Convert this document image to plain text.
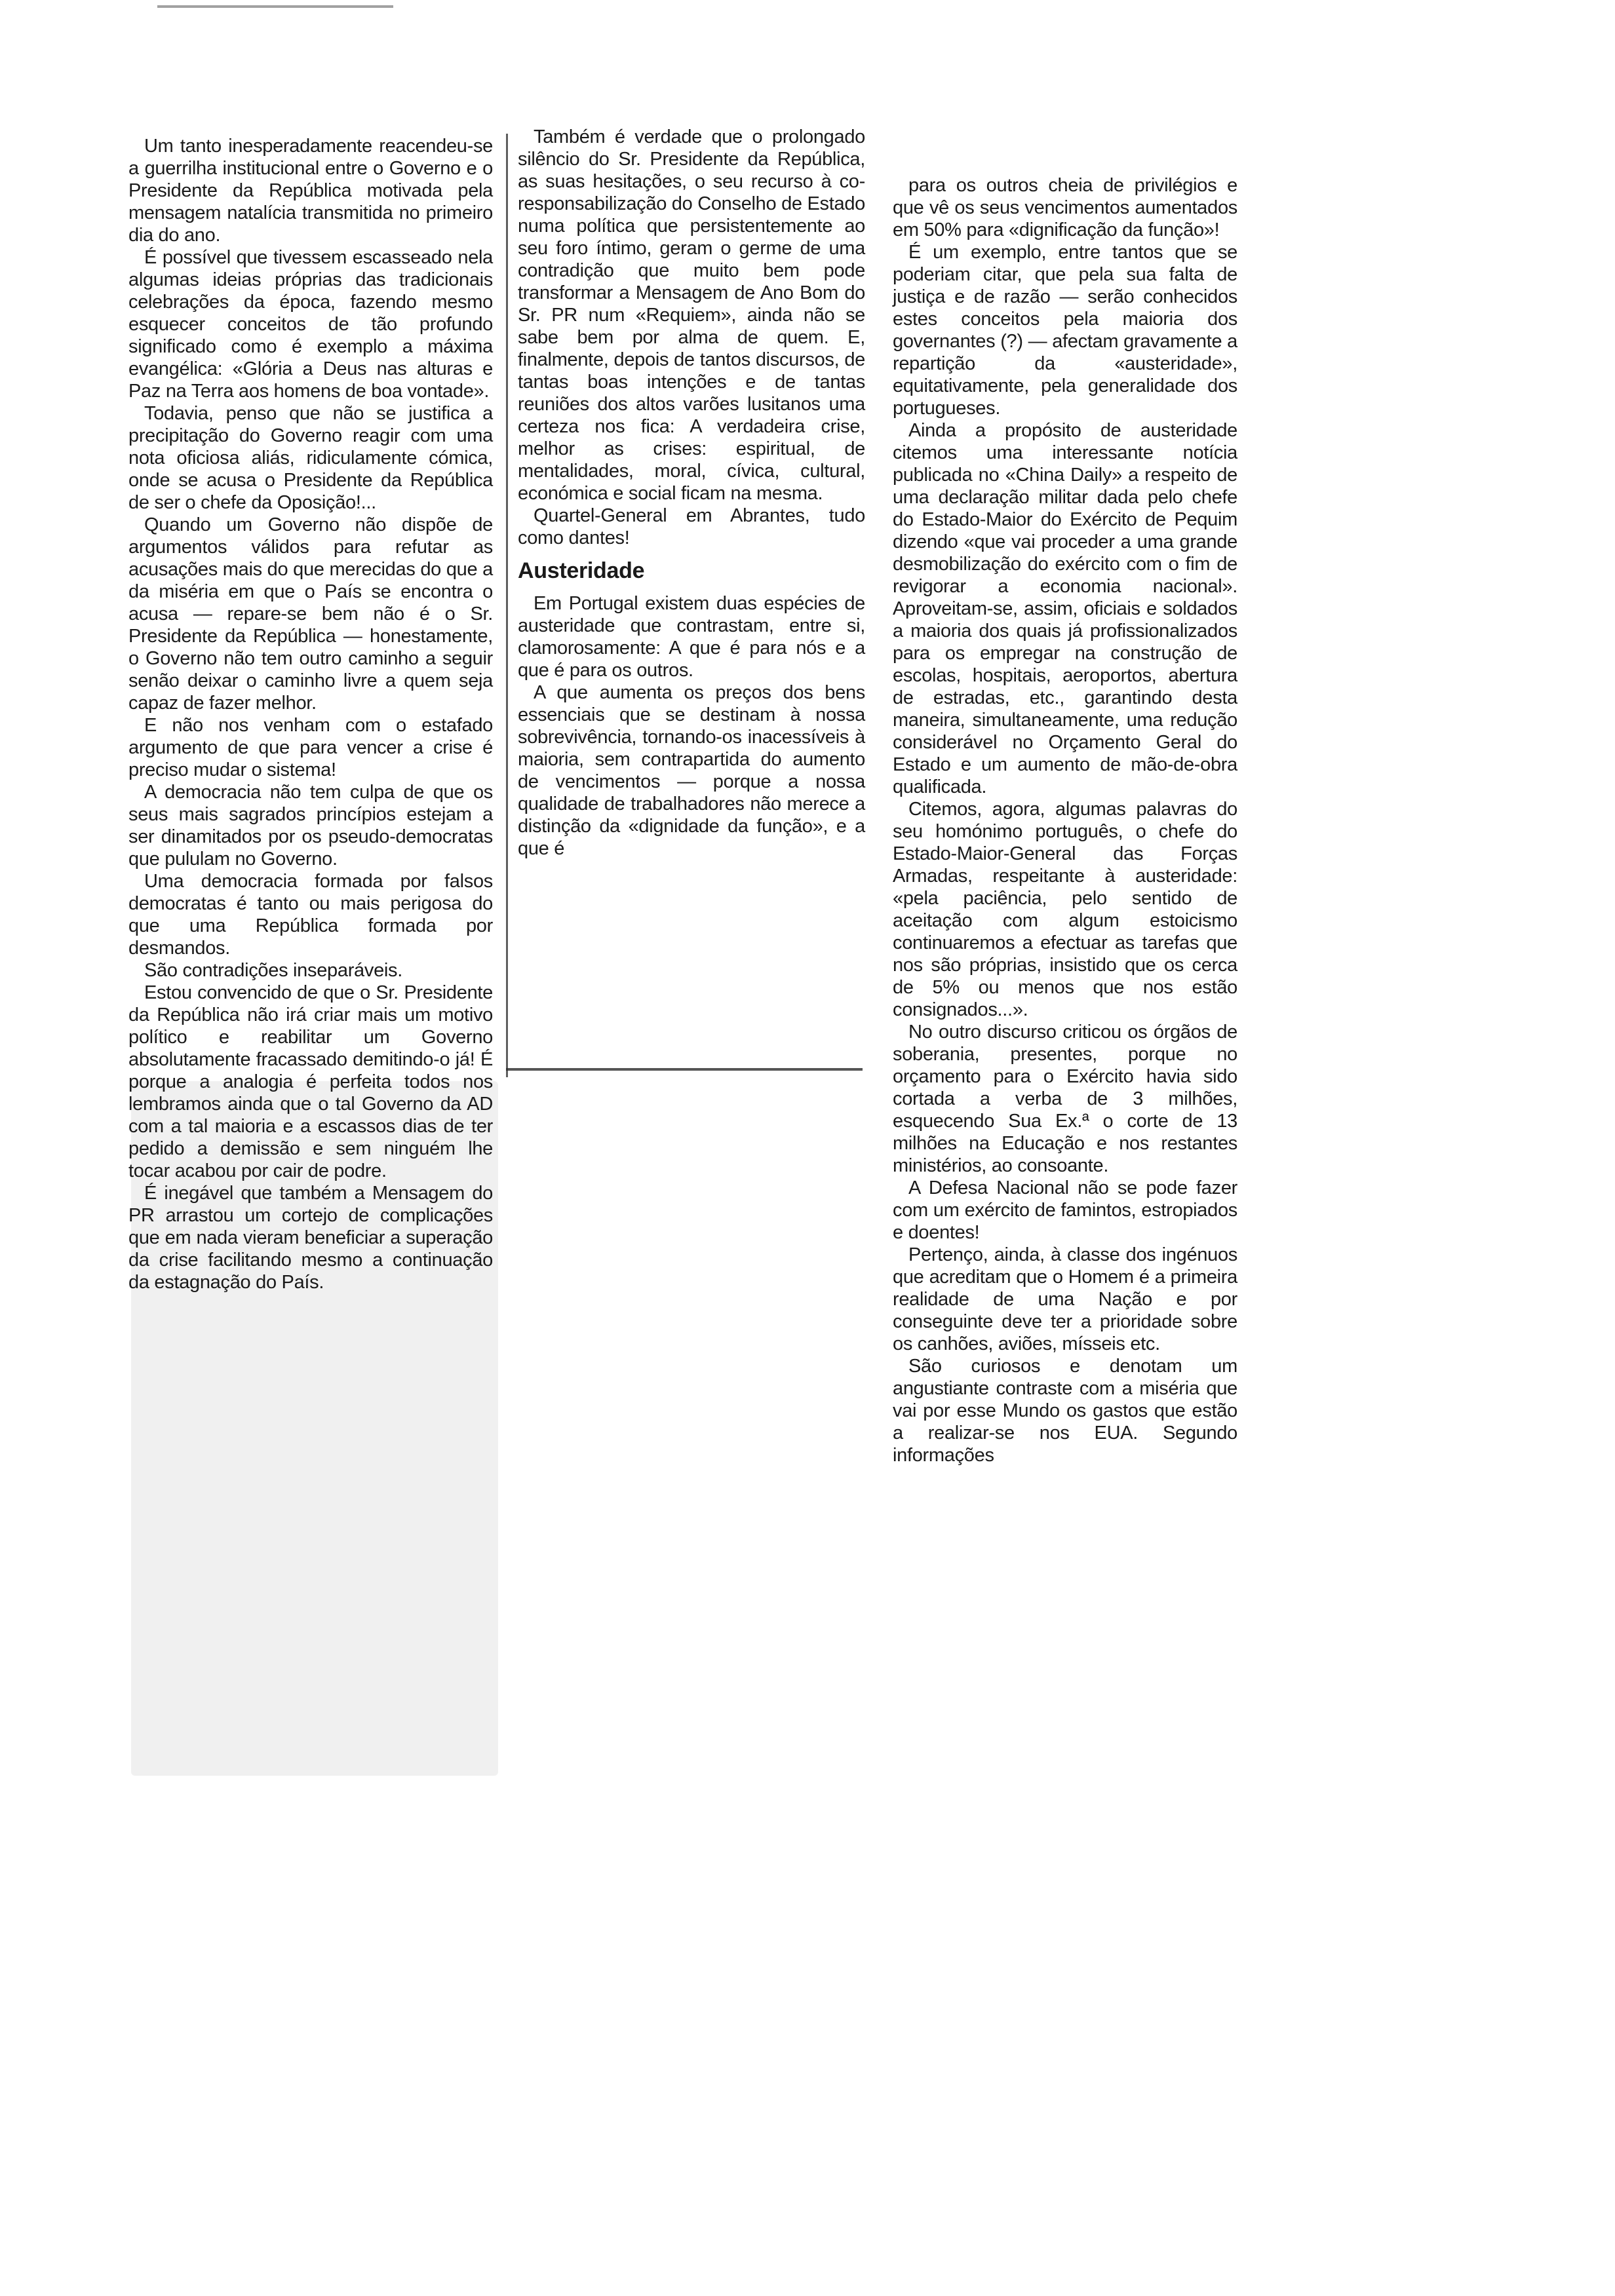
Um tanto inesperadamente reacendeu-se a guerrilha institucional entre o Governo e o Presidente da República motivada pela mensagem natalícia transmitida no primeiro dia do ano.

É possível que tivessem escasseado nela algumas ideias próprias das tradicionais celebrações da época, fazendo mesmo esquecer conceitos de tão profundo significado como é exemplo a máxima evangélica: «Glória a Deus nas alturas e Paz na Terra aos homens de boa vontade».

Todavia, penso que não se justifica a precipitação do Governo reagir com uma nota oficiosa aliás, ridiculamente cómica, onde se acusa o Presidente da República de ser o chefe da Oposição!...

Quando um Governo não dispõe de argumentos válidos para refutar as acusações mais do que merecidas do que a da miséria em que o País se encontra o acusa — repare-se bem não é o Sr. Presidente da República — honestamente, o Governo não tem outro caminho a seguir senão deixar o caminho livre a quem seja capaz de fazer melhor.

E não nos venham com o estafado argumento de que para vencer a crise é preciso mudar o sistema!

A democracia não tem culpa de que os seus mais sagrados princípios estejam a ser dinamitados por os pseudo-democratas que pululam no Governo.

Uma democracia formada por falsos democratas é tanto ou mais perigosa do que uma República formada por desmandos.

São contradições inseparáveis.

Estou convencido de que o Sr. Presidente da República não irá criar mais um motivo político e reabilitar um Governo absolutamente fracassado demitindo-o já! É porque a analogia é perfeita todos nos lembramos ainda que o tal Governo da AD com a tal maioria e a escassos dias de ter pedido a demissão e sem ninguém lhe tocar acabou por cair de podre.

É inegável que também a Mensagem do PR arrastou um cortejo de complicações que em nada vieram beneficiar a superação da crise facilitando mesmo a continuação da estagnação do País.

Também é verdade que o prolongado silêncio do Sr. Presidente da República, as suas hesitações, o seu recurso à co-responsabilização do Conselho de Estado numa política que persistentemente ao seu foro íntimo, geram o germe de uma contradição que muito bem pode transformar a Mensagem de Ano Bom do Sr. PR num «Requiem», ainda não se sabe bem por alma de quem. E, finalmente, depois de tantos discursos, de tantas boas intenções e de tantas reuniões dos altos varões lusitanos uma certeza nos fica: A verdadeira crise, melhor as crises: espiritual, de mentalidades, moral, cívica, cultural, económica e social ficam na mesma.

Quartel-General em Abrantes, tudo como dantes!

Austeridade

Em Portugal existem duas espécies de austeridade que contrastam, entre si, clamorosamente: A que é para nós e a que é para os outros.

A que aumenta os preços dos bens essenciais que se destinam à nossa sobrevivência, tornando-os inacessíveis à maioria, sem contrapartida do aumento de vencimentos — porque a nossa qualidade de trabalhadores não merece a distinção da «dignidade da função», e a que é

para os outros cheia de privilégios e que vê os seus vencimentos aumentados em 50% para «dignificação da função»!

É um exemplo, entre tantos que se poderiam citar, que pela sua falta de justiça e de razão — serão conhecidos estes conceitos pela maioria dos governantes (?) — afectam gravamente a repartição da «austeridade», equitativamente, pela generalidade dos portugueses.

Ainda a propósito de austeridade citemos uma interessante notícia publicada no «China Daily» a respeito de uma declaração militar dada pelo chefe do Estado-Maior do Exército de Pequim dizendo «que vai proceder a uma grande desmobilização do exército com o fim de revigorar a economia nacional». Aproveitam-se, assim, oficiais e soldados a maioria dos quais já profissionalizados para os empregar na construção de escolas, hospitais, aeroportos, abertura de estradas, etc., garantindo desta maneira, simultaneamente, uma redução considerável no Orçamento Geral do Estado e um aumento de mão-de-obra qualificada.

Citemos, agora, algumas palavras do seu homónimo português, o chefe do Estado-Maior-General das Forças Armadas, respeitante à austeridade: «pela paciência, pelo sentido de aceitação com algum estoicismo continuaremos a efectuar as tarefas que nos são próprias, insistido que os cerca de 5% ou menos que nos estão consignados...».

No outro discurso criticou os órgãos de soberania, presentes, porque no orçamento para o Exército havia sido cortada a verba de 3 milhões, esquecendo Sua Ex.ª o corte de 13 milhões na Educação e nos restantes ministérios, ao consoante.

A Defesa Nacional não se pode fazer com um exército de famintos, estropiados e doentes!

Pertenço, ainda, à classe dos ingénuos que acreditam que o Homem é a primeira realidade de uma Nação e por conseguinte deve ter a prioridade sobre os canhões, aviões, mísseis etc.

São curiosos e denotam um angustiante contraste com a miséria que vai por esse Mundo os gastos que estão a realizar-se nos EUA. Segundo informações
